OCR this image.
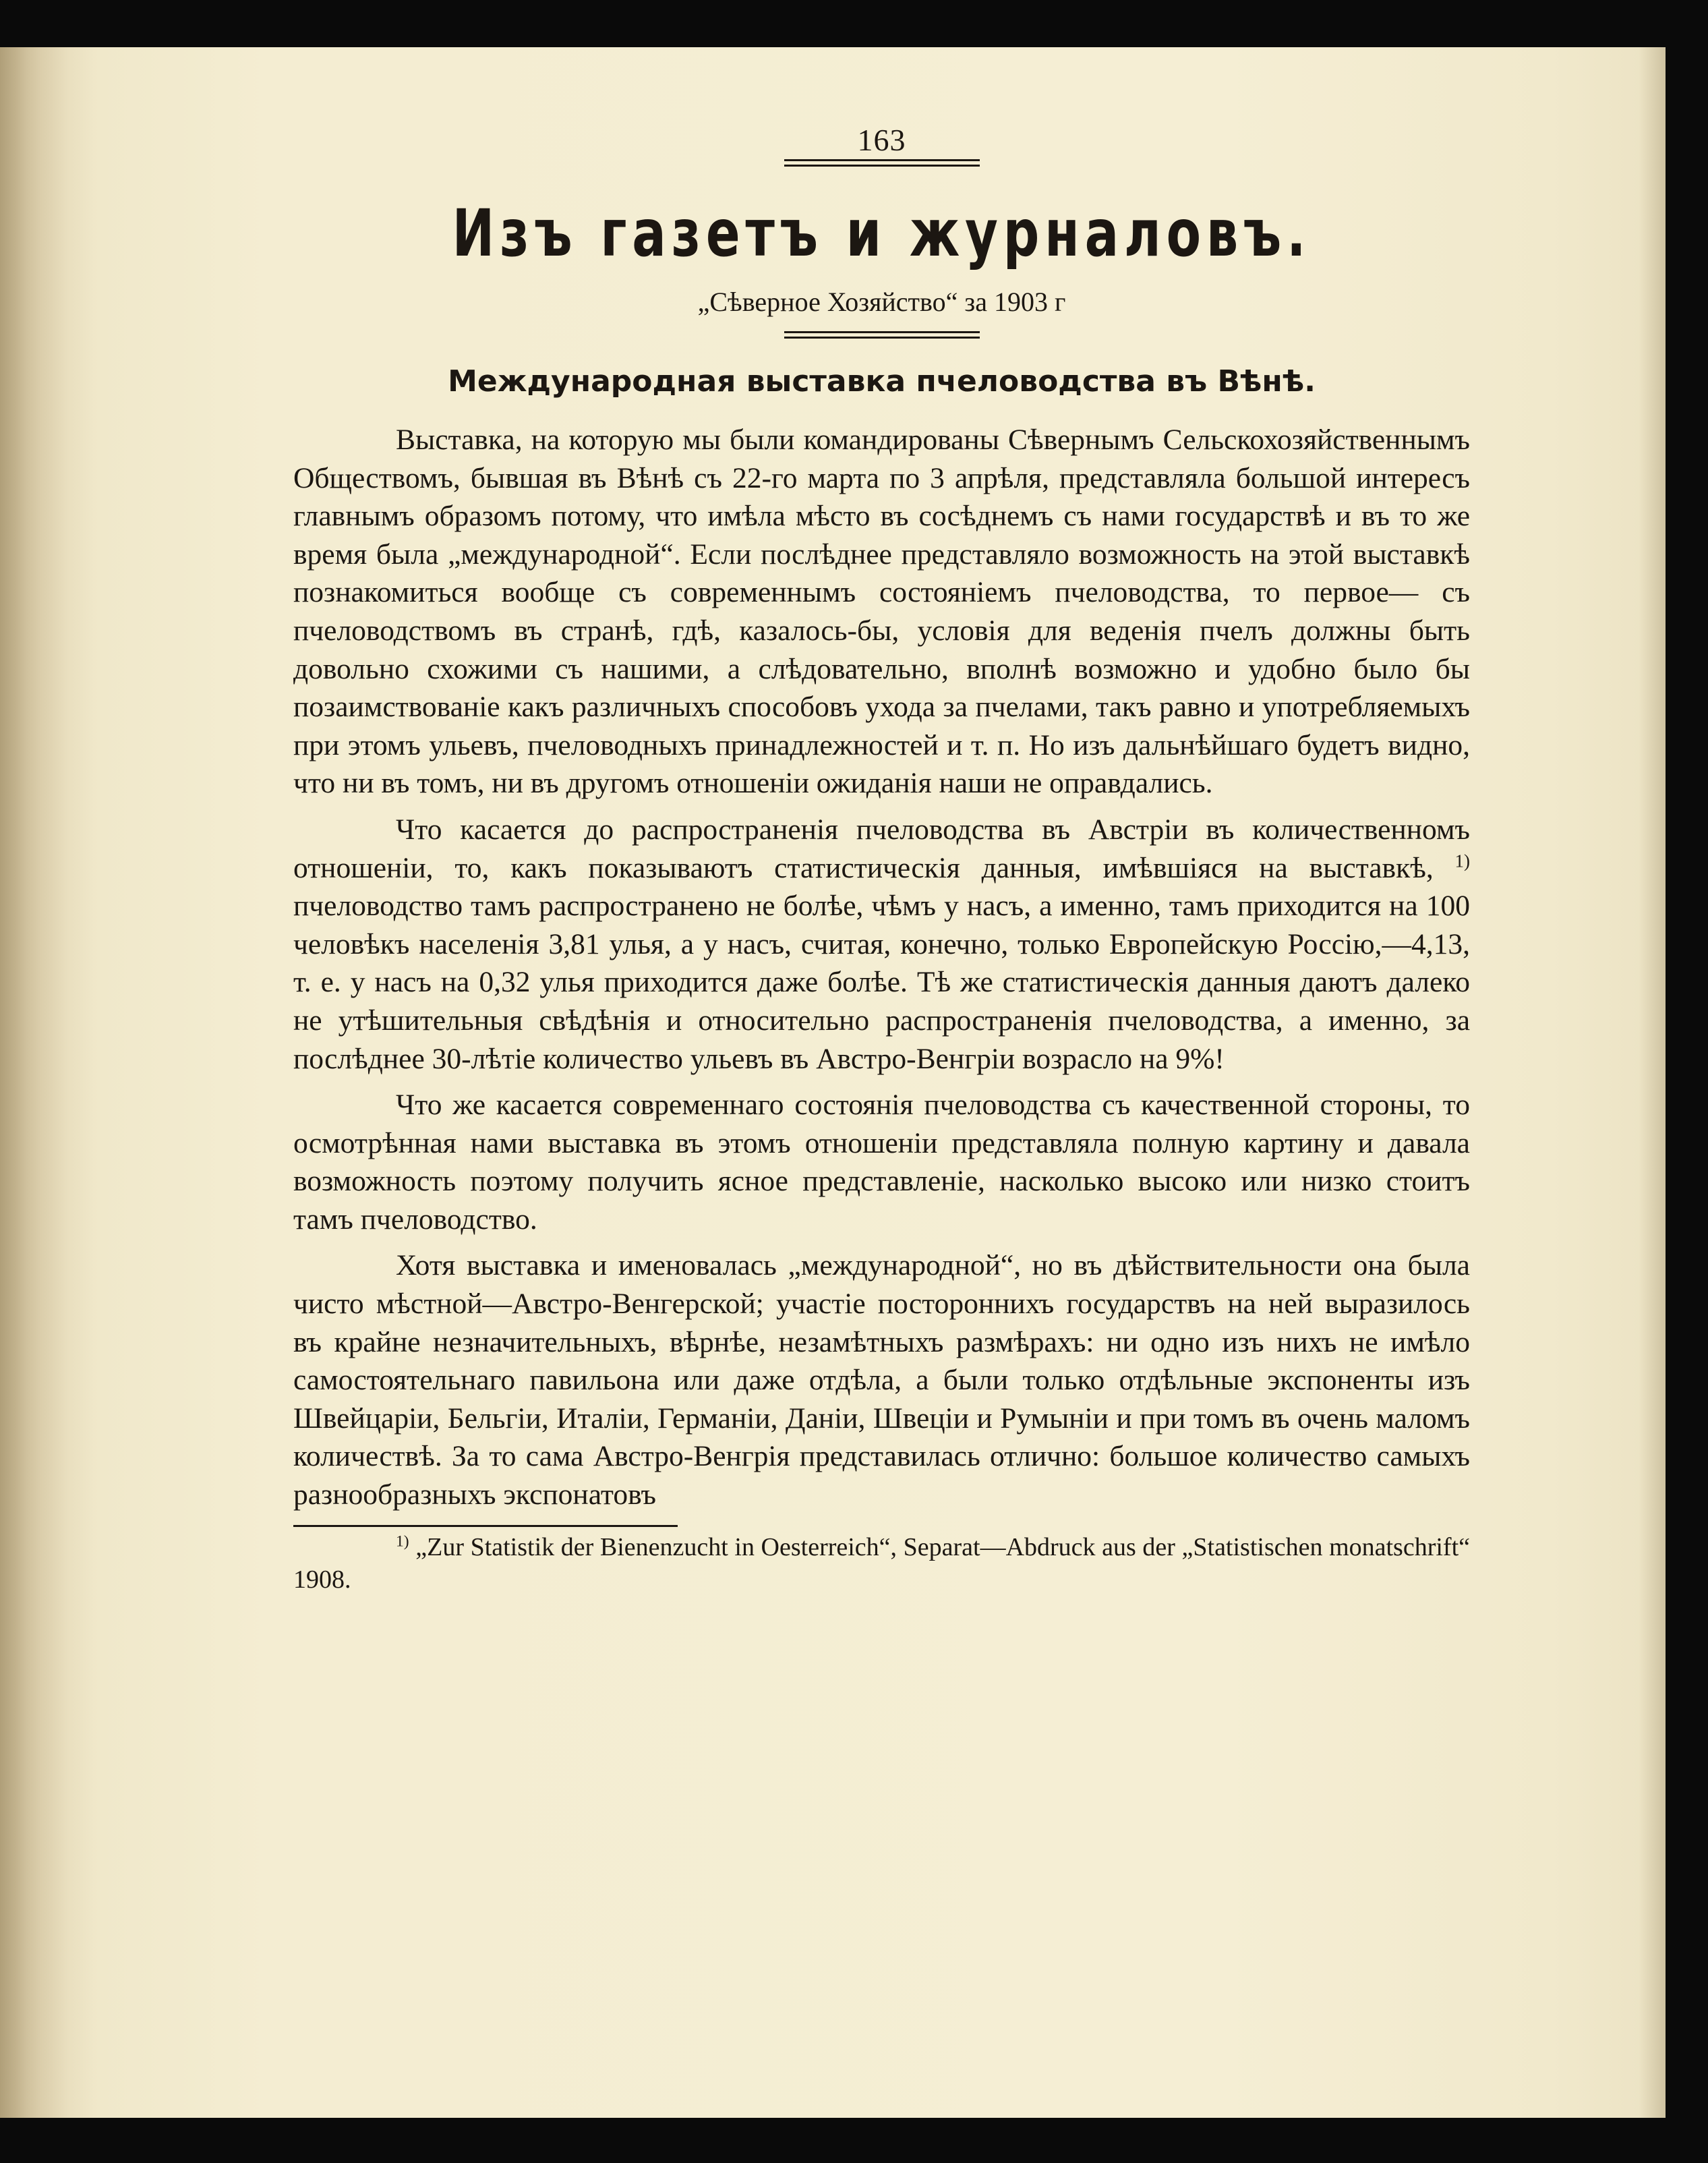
163
Изъ газетъ и журналовъ.
„Сѣверное Хозяйство“ за 1903 г
Международная выставка пчеловодства въ Вѣнѣ.

Выставка, на которую мы были командированы Сѣвернымъ Сельскохозяйственнымъ Обществомъ, бывшая въ Вѣнѣ съ 22-го марта по 3 апрѣля, представляла большой интересъ главнымъ образомъ потому, что имѣла мѣсто въ сосѣднемъ съ нами государствѣ и въ то же время была „международной“. Если послѣднее представляло возможность на этой выставкѣ познакомиться вообще съ современнымъ состояніемъ пчеловодства, то первое— съ пчеловодствомъ въ странѣ, гдѣ, казалось-бы, условія для веденія пчелъ должны быть довольно схожими съ нашими, а слѣдовательно, вполнѣ возможно и удобно было бы позаимствованіе какъ различныхъ способовъ ухода за пчелами, такъ равно и употребляемыхъ при этомъ ульевъ, пчеловодныхъ принадлежностей и т. п. Но изъ дальнѣйшаго будетъ видно, что ни въ томъ, ни въ другомъ отношеніи ожиданія наши не оправдались.

Что касается до распространенія пчеловодства въ Австріи въ количественномъ отношеніи, то, какъ показываютъ статистическія данныя, имѣвшіяся на выставкѣ, $^{1)}$ пчеловодство тамъ распространено не болѣе, чѣмъ у насъ, а именно, тамъ приходится на 100 человѣкъ населенія 3,81 улья, а у насъ, считая, конечно, только Европейскую Россію,—4,13, т. е. у насъ на 0,32 улья приходится даже болѣе. Тѣ же статистическія данныя даютъ далеко не утѣшительныя свѣдѣнія и относительно распространенія пчеловодства, а именно, за послѣднее 30-лѣтіе количество ульевъ въ Австро-Венгріи возрасло на 9%!

Что же касается современнаго состоянія пчеловодства съ качественной стороны, то осмотрѣнная нами выставка въ этомъ отношеніи представляла полную картину и давала возможность поэтому получить ясное представленіе, насколько высоко или низко стоитъ тамъ пчеловодство.

Хотя выставка и именовалась „международной“, но въ дѣйствительности она была чисто мѣстной—Австро-Венгерской; участіе постороннихъ государствъ на ней выразилось въ крайне незначительныхъ, вѣрнѣе, незамѣтныхъ размѣрахъ: ни одно изъ нихъ не имѣло самостоятельнаго павильона или даже отдѣла, а были только отдѣльные экспоненты изъ Швейцаріи, Бельгіи, Италіи, Германіи, Даніи, Швеціи и Румыніи и при томъ въ очень маломъ количествѣ. За то сама Австро-Венгрія представилась отлично: большое количество самыхъ разнообразныхъ экспонатовъ

$^{1)}$ „Zur Statistik der Bienenzucht in Oesterreich“, Separat—Abdruck aus der „Statistischen monatschrift“ 1908.
